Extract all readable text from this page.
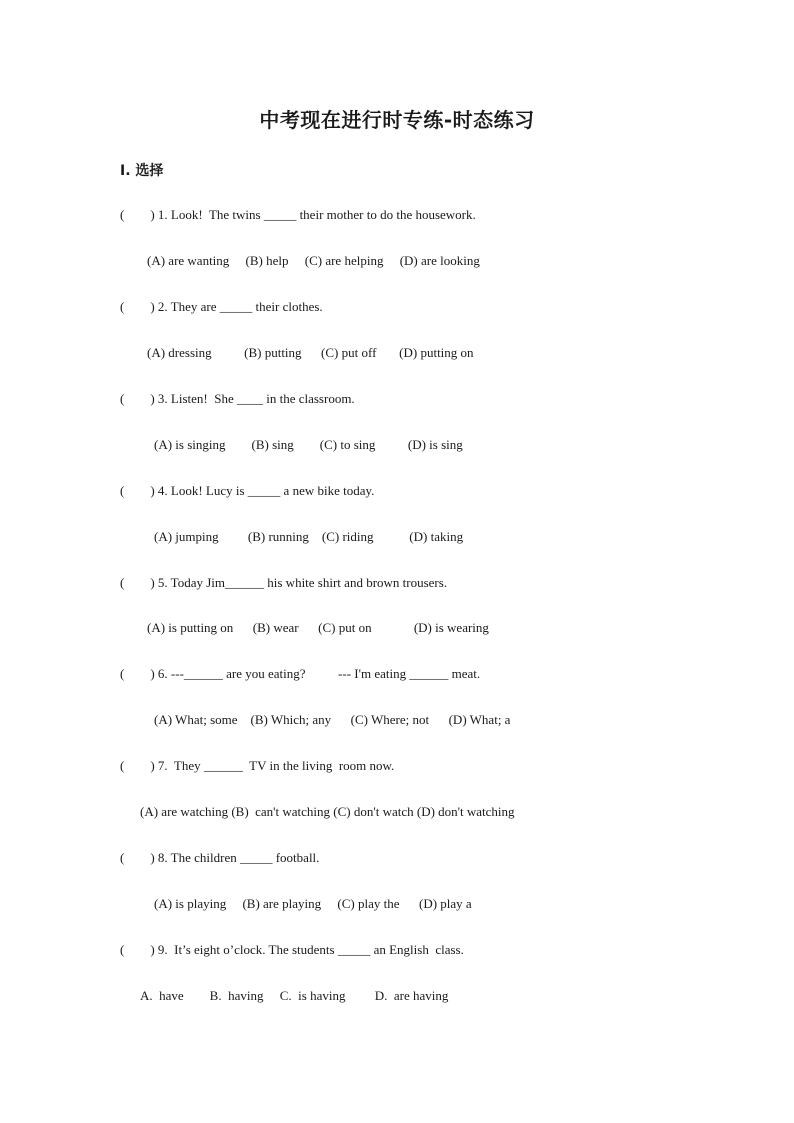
中考现在进行时专练-时态练习
I. 选择
(        ) 1. Look!  The twins _____ their mother to do the housework.
(A) are wanting     (B) help     (C) are helping     (D) are looking
(        ) 2. They are _____ their clothes.
(A) dressing          (B) putting      (C) put off       (D) putting on
(        ) 3. Listen!  She ____ in the classroom.
(A) is singing        (B) sing        (C) to sing          (D) is sing
(        ) 4. Look! Lucy is _____ a new bike today.
(A) jumping         (B) running    (C) riding           (D) taking
(        ) 5. Today Jim______ his white shirt and brown trousers.
(A) is putting on      (B) wear      (C) put on             (D) is wearing
(        ) 6. ---______ are you eating?          --- I'm eating ______ meat.
(A) What; some    (B) Which; any      (C) Where; not      (D) What; a
(        ) 7.  They ______  TV in the living  room now.
(A) are watching (B)  can't watching (C) don't watch (D) don't watching
(        ) 8. The children _____ football.
(A) is playing     (B) are playing     (C) play the      (D) play a
(        ) 9.  It’s eight o’clock. The students _____ an English  class.
A.  have        B.  having     C.  is having         D.  are having
